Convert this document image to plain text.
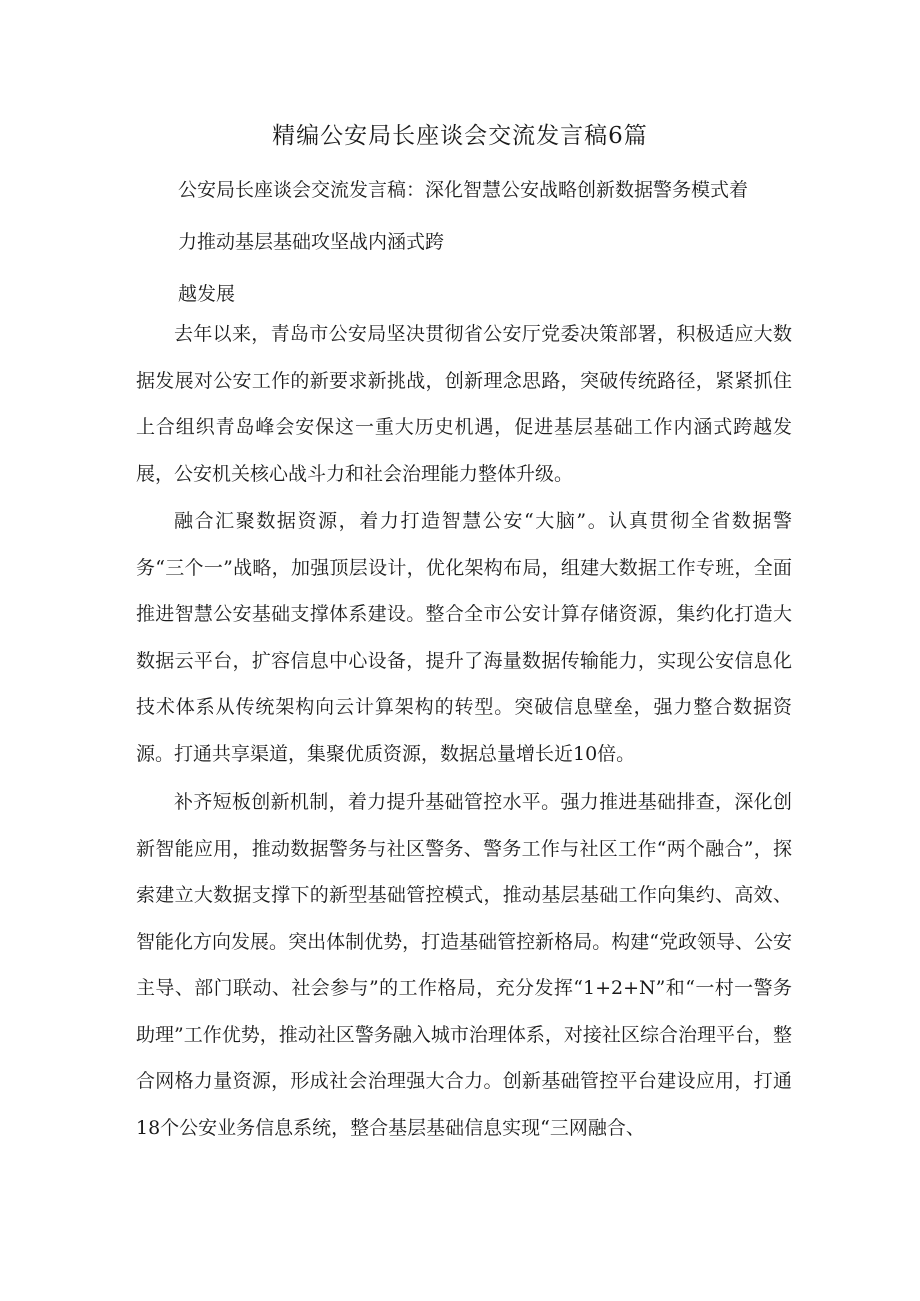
精编公安局长座谈会交流发言稿6篇
公安局长座谈会交流发言稿：深化智慧公安战略创新数据警务模式着
力推动基层基础攻坚战内涵式跨
越发展

去年以来，青岛市公安局坚决贯彻省公安厅党委决策部署，积极适应大数据发展对公安工作的新要求新挑战，创新理念思路，突破传统路径，紧紧抓住上合组织青岛峰会安保这一重大历史机遇，促进基层基础工作内涵式跨越发展，公安机关核心战斗力和社会治理能力整体升级。

融合汇聚数据资源，着力打造智慧公安“大脑”。认真贯彻全省数据警务“三个一”战略，加强顶层设计，优化架构布局，组建大数据工作专班，全面推进智慧公安基础支撑体系建设。整合全市公安计算存储资源，集约化打造大数据云平台，扩容信息中心设备，提升了海量数据传输能力，实现公安信息化技术体系从传统架构向云计算架构的转型。突破信息壁垒，强力整合数据资源。打通共享渠道，集聚优质资源，数据总量增长近10倍。

补齐短板创新机制，着力提升基础管控水平。强力推进基础排查，深化创新智能应用，推动数据警务与社区警务、警务工作与社区工作“两个融合”，探索建立大数据支撑下的新型基础管控模式，推动基层基础工作向集约、高效、智能化方向发展。突出体制优势，打造基础管控新格局。构建“党政领导、公安主导、部门联动、社会参与”的工作格局，充分发挥“1+2+N”和“一村一警务助理”工作优势，推动社区警务融入城市治理体系，对接社区综合治理平台，整合网格力量资源，形成社会治理强大合力。创新基础管控平台建设应用，打通18个公安业务信息系统，整合基层基础信息实现“三网融合、
